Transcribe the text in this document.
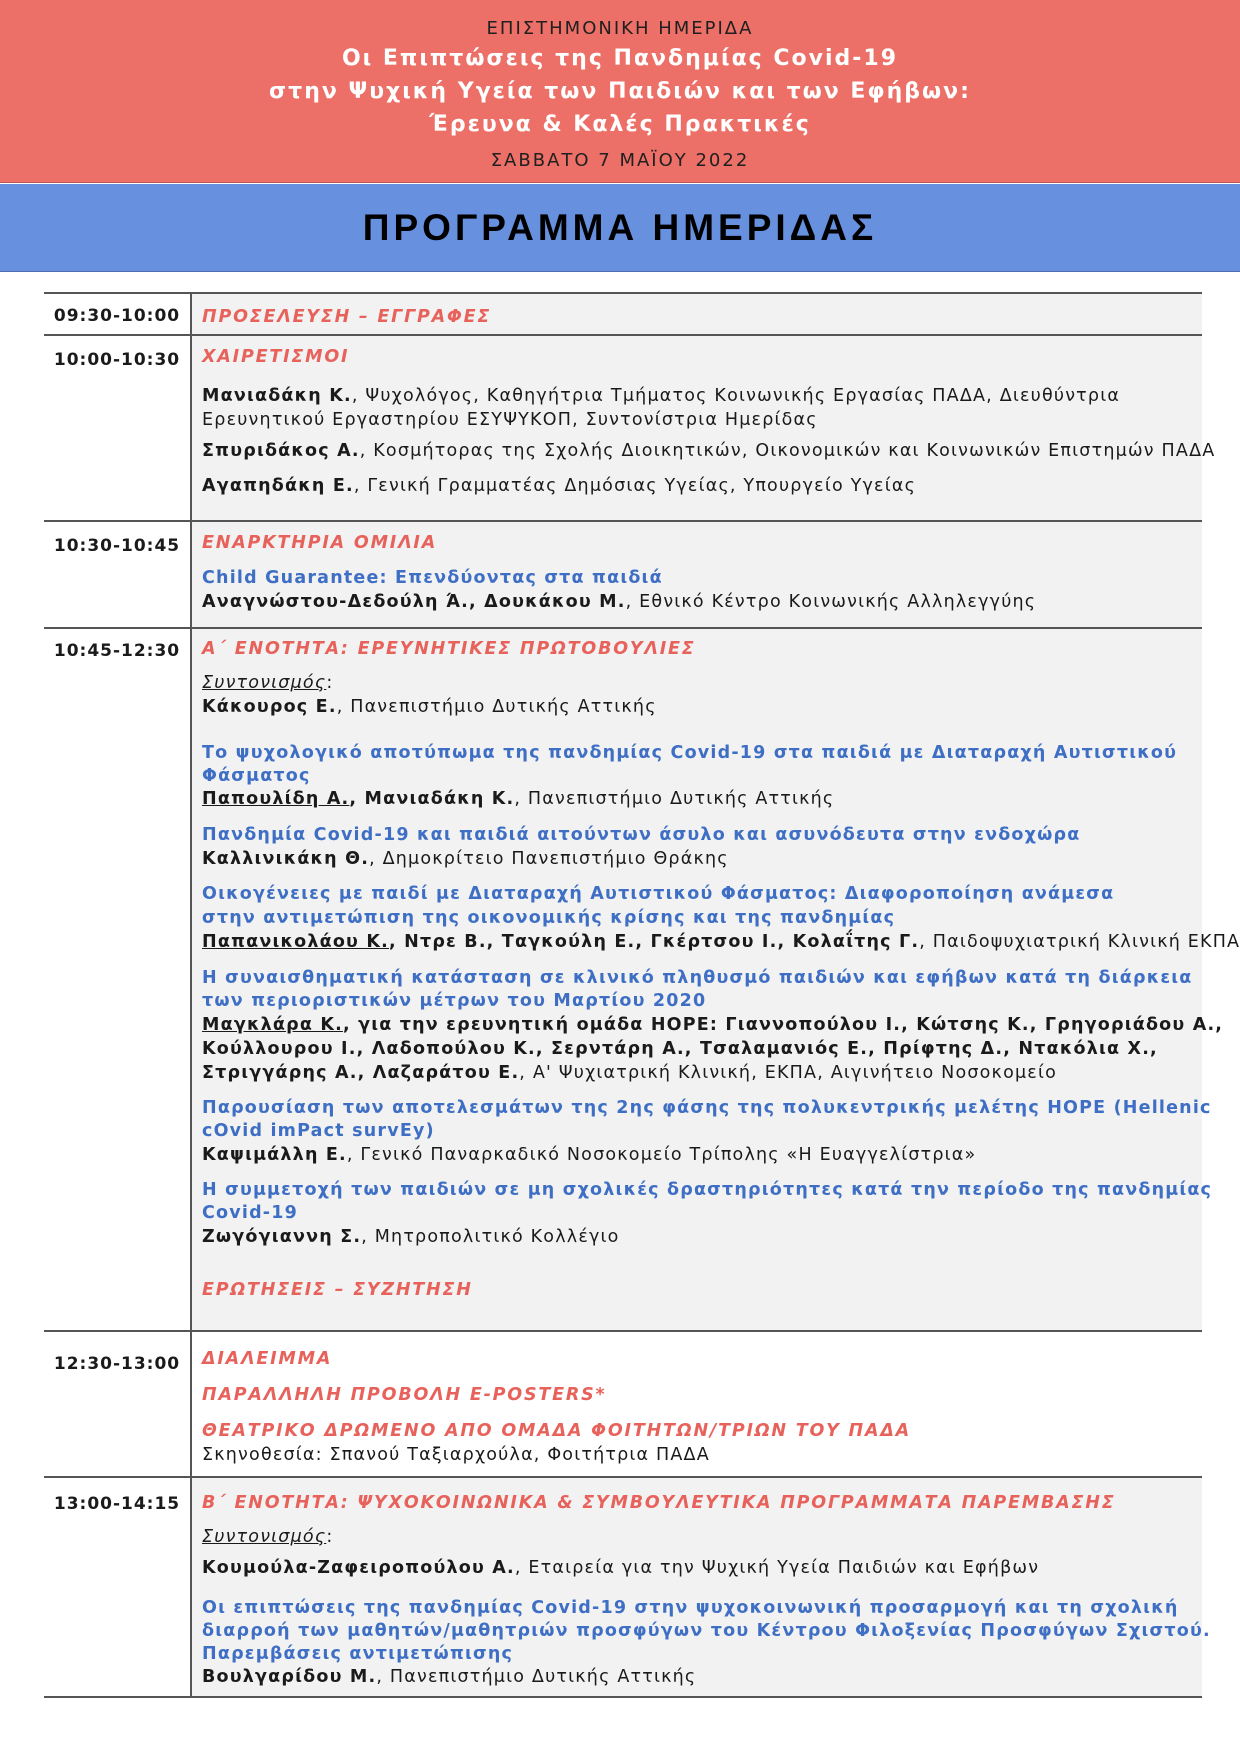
ΕΠΙΣΤΗΜΟΝΙΚΗ ΗΜΕΡΙΔΑ
Οι Επιπτώσεις της Πανδημίας Covid-19
στην Ψυχική Υγεία των Παιδιών και των Εφήβων:
Έρευνα & Καλές Πρακτικές
ΣΑΒΒΑΤΟ 7 ΜΑΪΟΥ 2022
ΠΡΟΓΡΑΜΜΑ ΗΜΕΡΙΔΑΣ
09:30-10:00	ΠΡΟΣΕΛΕΥΣΗ – ΕΓΓΡΑΦΕΣ
10:00-10:30	ΧΑΙΡΕΤΙΣΜΟΙ
Μανιαδάκη Κ., Ψυχολόγος, Καθηγήτρια Τμήματος Κοινωνικής Εργασίας ΠΑΔΑ, Διευθύντρια
Ερευνητικού Εργαστηρίου ΕΣΥΨΥΚΟΠ, Συντονίστρια Ημερίδας
Σπυριδάκος Α., Κοσμήτορας της Σχολής Διοικητικών, Οικονομικών και Κοινωνικών Επιστημών ΠΑΔΑ
Αγαπηδάκη Ε., Γενική Γραμματέας Δημόσιας Υγείας, Υπουργείο Υγείας
10:30-10:45	ΕΝΑΡΚΤΗΡΙΑ ΟΜΙΛΙΑ
Child Guarantee: Επενδύοντας στα παιδιά
Αναγνώστου-Δεδούλη Ά., Δουκάκου Μ., Εθνικό Κέντρο Κοινωνικής Αλληλεγγύης
10:45-12:30	Α΄ ΕΝΟΤΗΤΑ: ΕΡΕΥΝΗΤΙΚΕΣ ΠΡΩΤΟΒΟΥΛΙΕΣ
Συντονισμός:
Κάκουρος Ε., Πανεπιστήμιο Δυτικής Αττικής
Το ψυχολογικό αποτύπωμα της πανδημίας Covid-19 στα παιδιά με Διαταραχή Αυτιστικού
Φάσματος
Παπουλίδη Α., Μανιαδάκη Κ., Πανεπιστήμιο Δυτικής Αττικής
Πανδημία Covid-19 και παιδιά αιτούντων άσυλο και ασυνόδευτα στην ενδοχώρα
Καλλινικάκη Θ., Δημοκρίτειο Πανεπιστήμιο Θράκης
Οικογένειες με παιδί με Διαταραχή Αυτιστικού Φάσματος: Διαφοροποίηση ανάμεσα
στην αντιμετώπιση της οικονομικής κρίσης και της πανδημίας
Παπανικολάου Κ., Ντρε Β., Ταγκούλη Ε., Γκέρτσου Ι., Κολαΐτης Γ., Παιδοψυχιατρική Κλινική ΕΚΠΑ
Η συναισθηματική κατάσταση σε κλινικό πληθυσμό παιδιών και εφήβων κατά τη διάρκεια
των περιοριστικών μέτρων του Μαρτίου 2020
Μαγκλάρα Κ., για την ερευνητική ομάδα HOPE: Γιαννοπούλου Ι., Κώτσης Κ., Γρηγοριάδου Α.,
Κούλλουρου Ι., Λαδοπούλου Κ., Σερντάρη Α., Τσαλαμανιός Ε., Πρίφτης Δ., Ντακόλια Χ.,
Στριγγάρης Α., Λαζαράτου Ε., Α' Ψυχιατρική Κλινική, ΕΚΠΑ, Αιγινήτειο Νοσοκομείο
Παρουσίαση των αποτελεσμάτων της 2ης φάσης της πολυκεντρικής μελέτης HOPE (Hellenic
cOvid imPact survEy)
Καψιμάλλη Ε., Γενικό Παναρκαδικό Νοσοκομείο Τρίπολης «Η Ευαγγελίστρια»
Η συμμετοχή των παιδιών σε μη σχολικές δραστηριότητες κατά την περίοδο της πανδημίας
Covid-19
Ζωγόγιαννη Σ., Μητροπολιτικό Κολλέγιο
ΕΡΩΤΗΣΕΙΣ – ΣΥΖΗΤΗΣΗ
12:30-13:00	ΔΙΑΛΕΙΜΜΑ
ΠΑΡΑΛΛΗΛΗ ΠΡΟΒΟΛΗ E-POSTERS*
ΘΕΑΤΡΙΚΟ ΔΡΩΜΕΝΟ ΑΠΟ ΟΜΑΔΑ ΦΟΙΤΗΤΩΝ/ΤΡΙΩΝ ΤΟΥ ΠΑΔΑ
Σκηνοθεσία: Σπανού Ταξιαρχούλα, Φοιτήτρια ΠΑΔΑ
13:00-14:15	Β΄ ΕΝΟΤΗΤΑ: ΨΥΧΟΚΟΙΝΩΝΙΚΑ & ΣΥΜΒΟΥΛΕΥΤΙΚΑ ΠΡΟΓΡΑΜΜΑΤΑ ΠΑΡΕΜΒΑΣΗΣ
Συντονισμός:
Κουμούλα-Ζαφειροπούλου Α., Εταιρεία για την Ψυχική Υγεία Παιδιών και Εφήβων
Οι επιπτώσεις της πανδημίας Covid-19 στην ψυχοκοινωνική προσαρμογή και τη σχολική
διαρροή των μαθητών/μαθητριών προσφύγων του Κέντρου Φιλοξενίας Προσφύγων Σχιστού.
Παρεμβάσεις αντιμετώπισης
Βουλγαρίδου Μ., Πανεπιστήμιο Δυτικής Αττικής
